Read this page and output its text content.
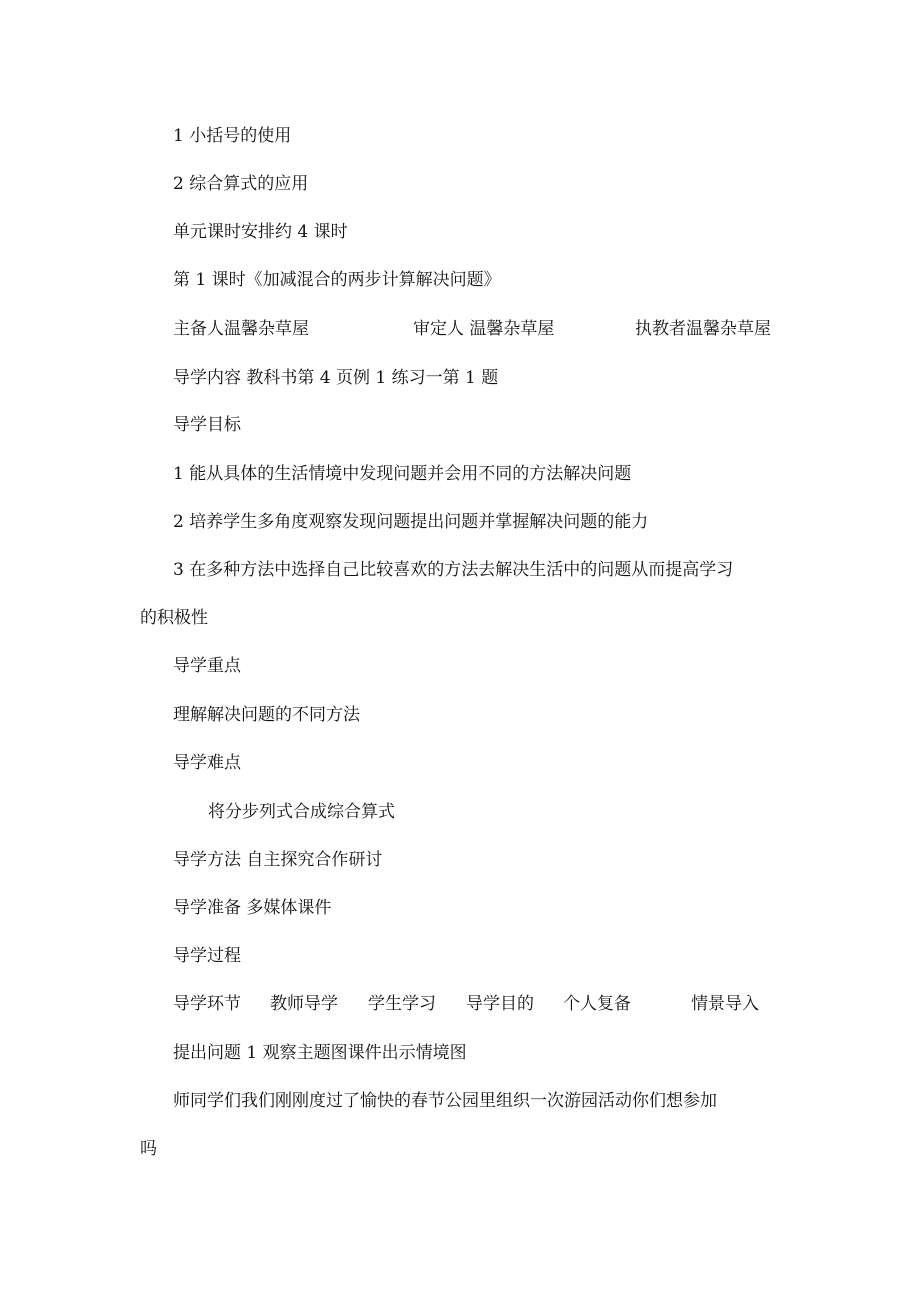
1 小括号的使用
2 综合算式的应用
单元课时安排约 4 课时
第 1 课时《加减混合的两步计算解决问题》
主备人温馨杂草屋	审定人 温馨杂草屋	执教者温馨杂草屋
导学内容 教科书第 4 页例 1 练习一第 1 题
导学目标
1 能从具体的生活情境中发现问题并会用不同的方法解决问题
2 培养学生多角度观察发现问题提出问题并掌握解决问题的能力
3 在多种方法中选择自己比较喜欢的方法去解决生活中的问题从而提高学习
的积极性
导学重点
理解解决问题的不同方法
导学难点
将分步列式合成综合算式
导学方法 自主探究合作研讨
导学准备 多媒体课件
导学过程
导学环节 教师导学 学生学习 导学目的 个人复备	情景导入
提出问题 1 观察主题图课件出示情境图
师同学们我们刚刚度过了愉快的春节公园里组织一次游园活动你们想参加
吗
